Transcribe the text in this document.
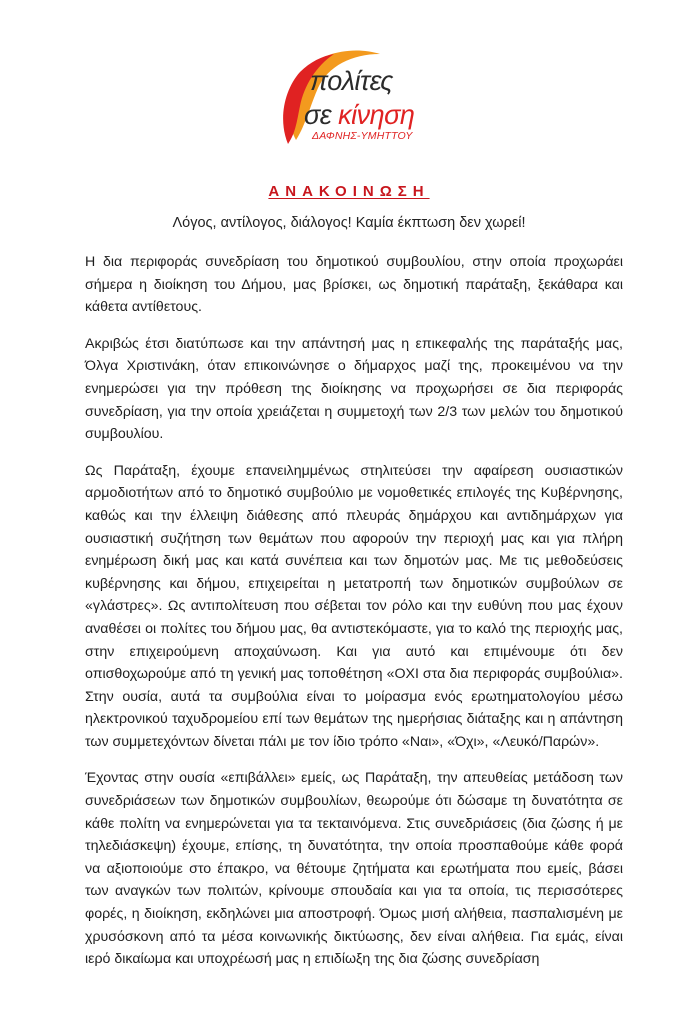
πολίτες
σε κίνηση
ΔΑΦΝΗΣ-ΥΜΗΤΤΟΥ
ΑΝΑΚΟΙΝΩΣΗ
Λόγος, αντίλογος, διάλογος! Καμία έκπτωση δεν χωρεί!

Η δια περιφοράς συνεδρίαση του δημοτικού συμβουλίου, στην οποία προχωράει σήμερα η διοίκηση του Δήμου, μας βρίσκει, ως δημοτική παράταξη, ξεκάθαρα και κάθετα αντίθετους.

Ακριβώς έτσι διατύπωσε και την απάντησή μας η επικεφαλής της παράταξής μας, Όλγα Χριστινάκη, όταν επικοινώνησε ο δήμαρχος μαζί της, προκειμένου να την ενημερώσει για την πρόθεση της διοίκησης να προχωρήσει σε δια περιφοράς συνεδρίαση, για την οποία χρειάζεται η συμμετοχή των 2/3 των μελών του δημοτικού συμβουλίου.

Ως Παράταξη, έχουμε επανειλημμένως στηλιτεύσει την αφαίρεση ουσιαστικών αρμοδιοτήτων από το δημοτικό συμβούλιο με νομοθετικές επιλογές της Κυβέρνησης, καθώς και την έλλειψη διάθεσης από πλευράς δημάρχου και αντιδημάρχων για ουσιαστική συζήτηση των θεμάτων που αφορούν την περιοχή μας και για πλήρη ενημέρωση δική μας και κατά συνέπεια και των δημοτών μας. Με τις μεθοδεύσεις κυβέρνησης και δήμου, επιχειρείται η μετατροπή των δημοτικών συμβούλων σε «γλάστρες». Ως αντιπολίτευση που σέβεται τον ρόλο και την ευθύνη που μας έχουν αναθέσει οι πολίτες του δήμου μας, θα αντιστεκόμαστε, για το καλό της περιοχής μας, στην επιχειρούμενη αποχαύνωση. Και για αυτό και επιμένουμε ότι δεν οπισθοχωρούμε από τη γενική μας τοποθέτηση «ΟΧΙ στα δια περιφοράς συμβούλια». Στην ουσία, αυτά τα συμβούλια είναι το μοίρασμα ενός ερωτηματολογίου μέσω ηλεκτρονικού ταχυδρομείου επί των θεμάτων της ημερήσιας διάταξης και η απάντηση των συμμετεχόντων δίνεται πάλι με τον ίδιο τρόπο «Ναι», «Όχι», «Λευκό/Παρών».

Έχοντας στην ουσία «επιβάλλει» εμείς, ως Παράταξη, την απευθείας μετάδοση των συνεδριάσεων των δημοτικών συμβουλίων, θεωρούμε ότι δώσαμε τη δυνατότητα σε κάθε πολίτη να ενημερώνεται για τα τεκταινόμενα. Στις συνεδριάσεις (δια ζώσης ή με τηλεδιάσκεψη) έχουμε, επίσης, τη δυνατότητα, την οποία προσπαθούμε κάθε φορά να αξιοποιούμε στο έπακρο, να θέτουμε ζητήματα και ερωτήματα που εμείς, βάσει των αναγκών των πολιτών, κρίνουμε σπουδαία και για τα οποία, τις περισσότερες φορές, η διοίκηση, εκδηλώνει μια αποστροφή. Όμως μισή αλήθεια, πασπαλισμένη με χρυσόσκονη από τα μέσα κοινωνικής δικτύωσης, δεν είναι αλήθεια. Για εμάς, είναι ιερό δικαίωμα και υποχρέωσή μας η επιδίωξη της δια ζώσης συνεδρίαση
